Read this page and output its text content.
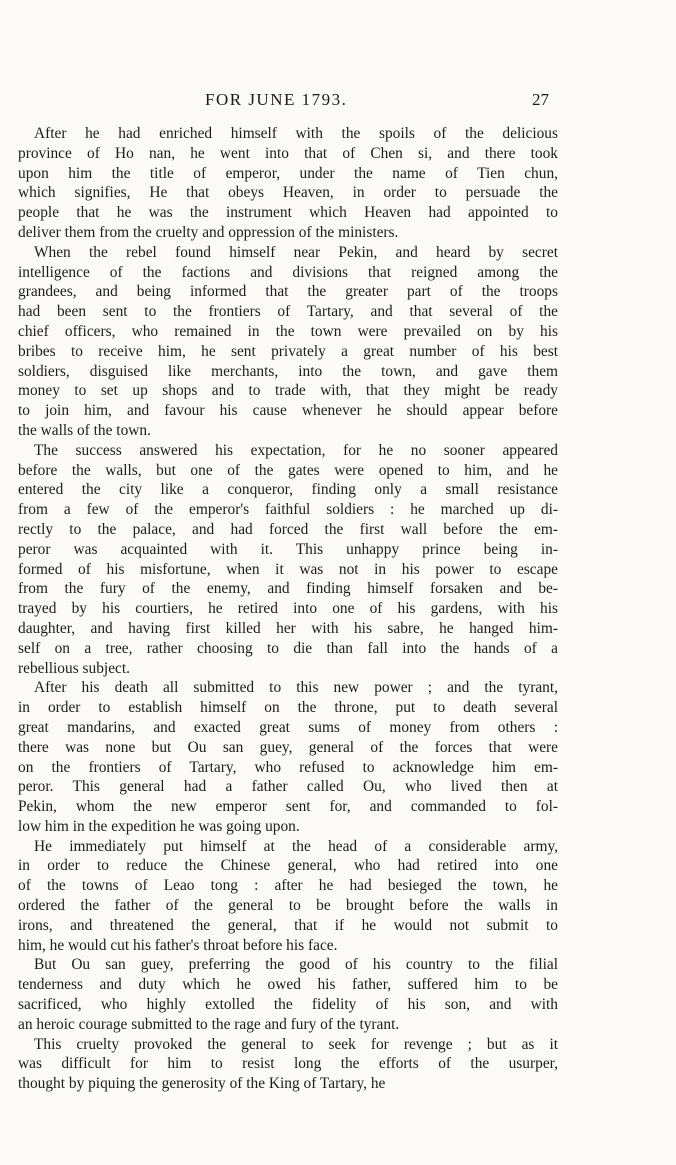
FOR JUNE 1793.	27
After he had enriched himself with the spoils of the delicious
province of Ho nan, he went into that of Chen si, and there took
upon him the title of emperor, under the name of Tien chun,
which signifies, He that obeys Heaven, in order to persuade the
people that he was the instrument which Heaven had appointed to
deliver them from the cruelty and oppression of the ministers.
When the rebel found himself near Pekin, and heard by secret
intelligence of the factions and divisions that reigned among the
grandees, and being informed that the greater part of the troops
had been sent to the frontiers of Tartary, and that several of the
chief officers, who remained in the town were prevailed on by his
bribes to receive him, he sent privately a great number of his best
soldiers, disguised like merchants, into the town, and gave them
money to set up shops and to trade with, that they might be ready
to join him, and favour his cause whenever he should appear before
the walls of the town.
The success answered his expectation, for he no sooner appeared
before the walls, but one of the gates were opened to him, and he
entered the city like a conqueror, finding only a small resistance
from a few of the emperor's faithful soldiers : he marched up di-
rectly to the palace, and had forced the first wall before the em-
peror was acquainted with it. This unhappy prince being in-
formed of his misfortune, when it was not in his power to escape
from the fury of the enemy, and finding himself forsaken and be-
trayed by his courtiers, he retired into one of his gardens, with his
daughter, and having first killed her with his sabre, he hanged him-
self on a tree, rather choosing to die than fall into the hands of a
rebellious subject.
After his death all submitted to this new power ; and the tyrant,
in order to establish himself on the throne, put to death several
great mandarins, and exacted great sums of money from others :
there was none but Ou san guey, general of the forces that were
on the frontiers of Tartary, who refused to acknowledge him em-
peror. This general had a father called Ou, who lived then at
Pekin, whom the new emperor sent for, and commanded to fol-
low him in the expedition he was going upon.
He immediately put himself at the head of a considerable army,
in order to reduce the Chinese general, who had retired into one
of the towns of Leao tong : after he had besieged the town, he
ordered the father of the general to be brought before the walls in
irons, and threatened the general, that if he would not submit to
him, he would cut his father's throat before his face.
But Ou san guey, preferring the good of his country to the filial
tenderness and duty which he owed his father, suffered him to be
sacrificed, who highly extolled the fidelity of his son, and with
an heroic courage submitted to the rage and fury of the tyrant.
This cruelty provoked the general to seek for revenge ; but as it
was difficult for him to resist long the efforts of the usurper,
thought by piquing the generosity of the King of Tartary, he
